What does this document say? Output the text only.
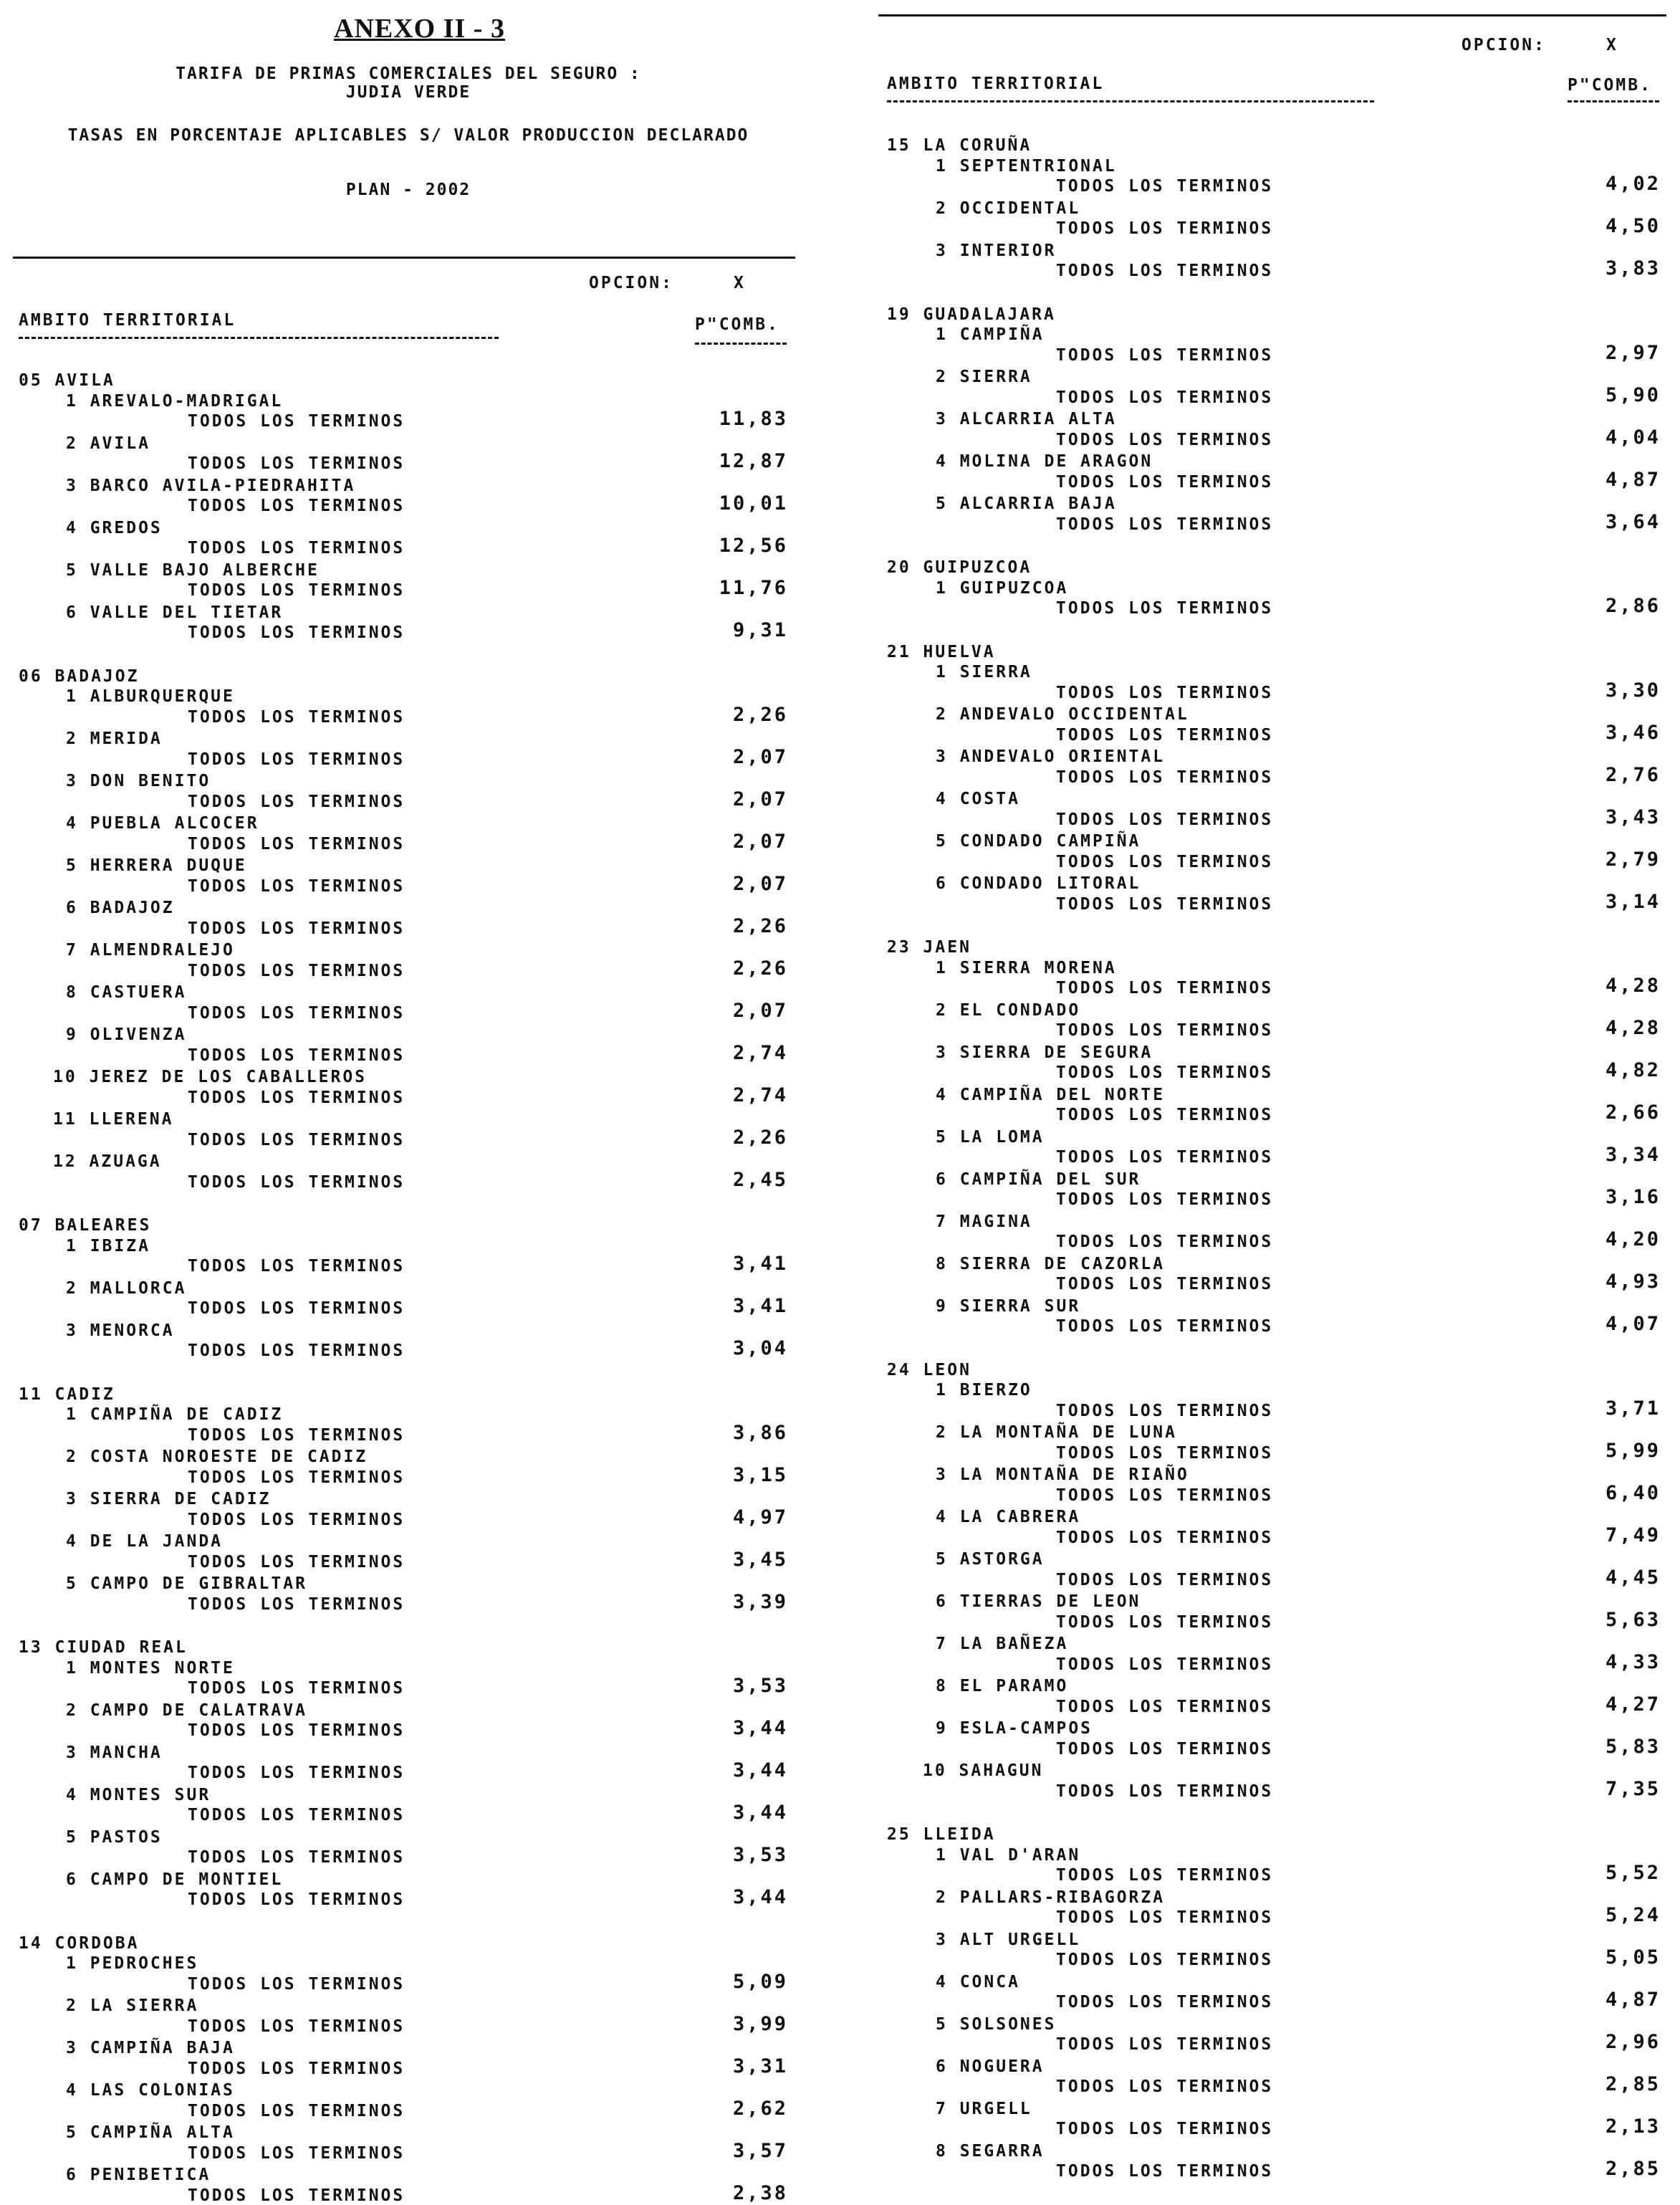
ANEXO II - 3
TARIFA DE PRIMAS COMERCIALES DEL SEGURO :
JUDIA VERDE
TASAS EN PORCENTAJE APLICABLES S/ VALOR PRODUCCION DECLARADO
PLAN - 2002
OPCION:	X
AMBITO TERRITORIAL	P"COMB.
05 AVILA
1 AREVALO-MADRIGAL
TODOS LOS TERMINOS	11,83
2 AVILA
TODOS LOS TERMINOS	12,87
3 BARCO AVILA-PIEDRAHITA
TODOS LOS TERMINOS	10,01
4 GREDOS
TODOS LOS TERMINOS	12,56
5 VALLE BAJO ALBERCHE
TODOS LOS TERMINOS	11,76
6 VALLE DEL TIETAR
TODOS LOS TERMINOS	9,31
06 BADAJOZ
1 ALBURQUERQUE
TODOS LOS TERMINOS	2,26
2 MERIDA
TODOS LOS TERMINOS	2,07
3 DON BENITO
TODOS LOS TERMINOS	2,07
4 PUEBLA ALCOCER
TODOS LOS TERMINOS	2,07
5 HERRERA DUQUE
TODOS LOS TERMINOS	2,07
6 BADAJOZ
TODOS LOS TERMINOS	2,26
7 ALMENDRALEJO
TODOS LOS TERMINOS	2,26
8 CASTUERA
TODOS LOS TERMINOS	2,07
9 OLIVENZA
TODOS LOS TERMINOS	2,74
10 JEREZ DE LOS CABALLEROS
TODOS LOS TERMINOS	2,74
11 LLERENA
TODOS LOS TERMINOS	2,26
12 AZUAGA
TODOS LOS TERMINOS	2,45
07 BALEARES
1 IBIZA
TODOS LOS TERMINOS	3,41
2 MALLORCA
TODOS LOS TERMINOS	3,41
3 MENORCA
TODOS LOS TERMINOS	3,04
11 CADIZ
1 CAMPIÑA DE CADIZ
TODOS LOS TERMINOS	3,86
2 COSTA NOROESTE DE CADIZ
TODOS LOS TERMINOS	3,15
3 SIERRA DE CADIZ
TODOS LOS TERMINOS	4,97
4 DE LA JANDA
TODOS LOS TERMINOS	3,45
5 CAMPO DE GIBRALTAR
TODOS LOS TERMINOS	3,39
13 CIUDAD REAL
1 MONTES NORTE
TODOS LOS TERMINOS	3,53
2 CAMPO DE CALATRAVA
TODOS LOS TERMINOS	3,44
3 MANCHA
TODOS LOS TERMINOS	3,44
4 MONTES SUR
TODOS LOS TERMINOS	3,44
5 PASTOS
TODOS LOS TERMINOS	3,53
6 CAMPO DE MONTIEL
TODOS LOS TERMINOS	3,44
14 CORDOBA
1 PEDROCHES
TODOS LOS TERMINOS	5,09
2 LA SIERRA
TODOS LOS TERMINOS	3,99
3 CAMPIÑA BAJA
TODOS LOS TERMINOS	3,31
4 LAS COLONIAS
TODOS LOS TERMINOS	2,62
5 CAMPIÑA ALTA
TODOS LOS TERMINOS	3,57
6 PENIBETICA
TODOS LOS TERMINOS	2,38
OPCION:	X
AMBITO TERRITORIAL	P"COMB.
15 LA CORUÑA
1 SEPTENTRIONAL
TODOS LOS TERMINOS	4,02
2 OCCIDENTAL
TODOS LOS TERMINOS	4,50
3 INTERIOR
TODOS LOS TERMINOS	3,83
19 GUADALAJARA
1 CAMPIÑA
TODOS LOS TERMINOS	2,97
2 SIERRA
TODOS LOS TERMINOS	5,90
3 ALCARRIA ALTA
TODOS LOS TERMINOS	4,04
4 MOLINA DE ARAGON
TODOS LOS TERMINOS	4,87
5 ALCARRIA BAJA
TODOS LOS TERMINOS	3,64
20 GUIPUZCOA
1 GUIPUZCOA
TODOS LOS TERMINOS	2,86
21 HUELVA
1 SIERRA
TODOS LOS TERMINOS	3,30
2 ANDEVALO OCCIDENTAL
TODOS LOS TERMINOS	3,46
3 ANDEVALO ORIENTAL
TODOS LOS TERMINOS	2,76
4 COSTA
TODOS LOS TERMINOS	3,43
5 CONDADO CAMPIÑA
TODOS LOS TERMINOS	2,79
6 CONDADO LITORAL
TODOS LOS TERMINOS	3,14
23 JAEN
1 SIERRA MORENA
TODOS LOS TERMINOS	4,28
2 EL CONDADO
TODOS LOS TERMINOS	4,28
3 SIERRA DE SEGURA
TODOS LOS TERMINOS	4,82
4 CAMPIÑA DEL NORTE
TODOS LOS TERMINOS	2,66
5 LA LOMA
TODOS LOS TERMINOS	3,34
6 CAMPIÑA DEL SUR
TODOS LOS TERMINOS	3,16
7 MAGINA
TODOS LOS TERMINOS	4,20
8 SIERRA DE CAZORLA
TODOS LOS TERMINOS	4,93
9 SIERRA SUR
TODOS LOS TERMINOS	4,07
24 LEON
1 BIERZO
TODOS LOS TERMINOS	3,71
2 LA MONTAÑA DE LUNA
TODOS LOS TERMINOS	5,99
3 LA MONTAÑA DE RIAÑO
TODOS LOS TERMINOS	6,40
4 LA CABRERA
TODOS LOS TERMINOS	7,49
5 ASTORGA
TODOS LOS TERMINOS	4,45
6 TIERRAS DE LEON
TODOS LOS TERMINOS	5,63
7 LA BAÑEZA
TODOS LOS TERMINOS	4,33
8 EL PARAMO
TODOS LOS TERMINOS	4,27
9 ESLA-CAMPOS
TODOS LOS TERMINOS	5,83
10 SAHAGUN
TODOS LOS TERMINOS	7,35
25 LLEIDA
1 VAL D'ARAN
TODOS LOS TERMINOS	5,52
2 PALLARS-RIBAGORZA
TODOS LOS TERMINOS	5,24
3 ALT URGELL
TODOS LOS TERMINOS	5,05
4 CONCA
TODOS LOS TERMINOS	4,87
5 SOLSONES
TODOS LOS TERMINOS	2,96
6 NOGUERA
TODOS LOS TERMINOS	2,85
7 URGELL
TODOS LOS TERMINOS	2,13
8 SEGARRA
TODOS LOS TERMINOS	2,85
